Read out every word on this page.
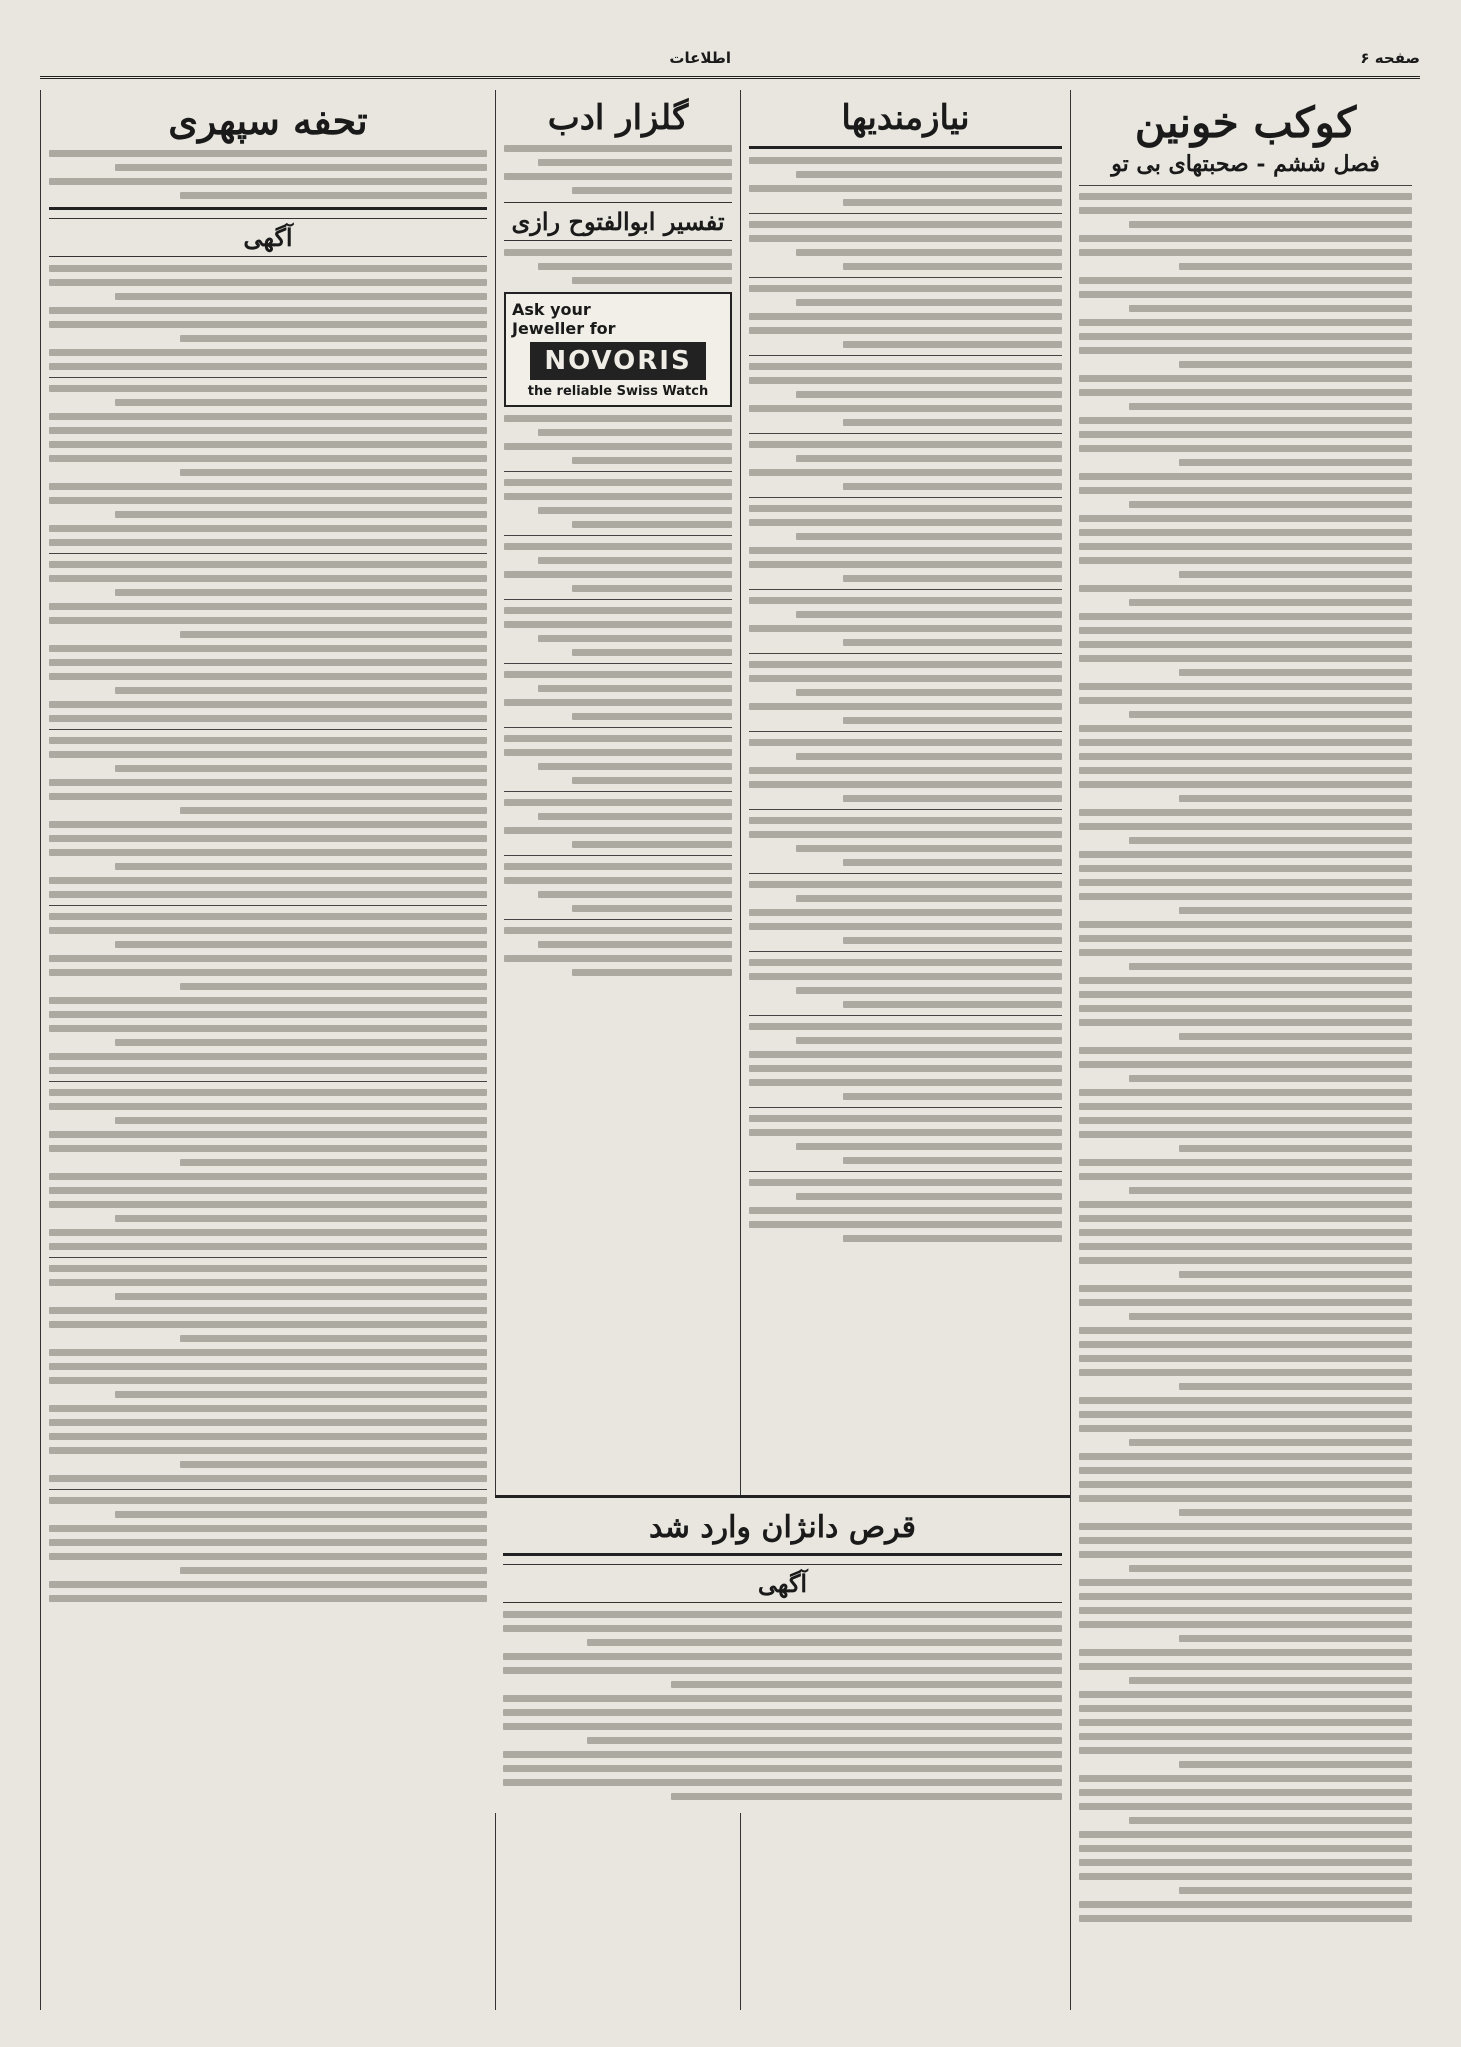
صفحه ۶
اطلاعات
کوکب خونین
فصل ششم - صحبتهای بی تو
نیازمندیها
گلزار ادب
تفسیر ابوالفتوح رازی
Ask your
Jeweller for
NOVORIS
the reliable Swiss Watch
تحفه سپهری
آگهی
قرص دانژان وارد شد
آگهی
